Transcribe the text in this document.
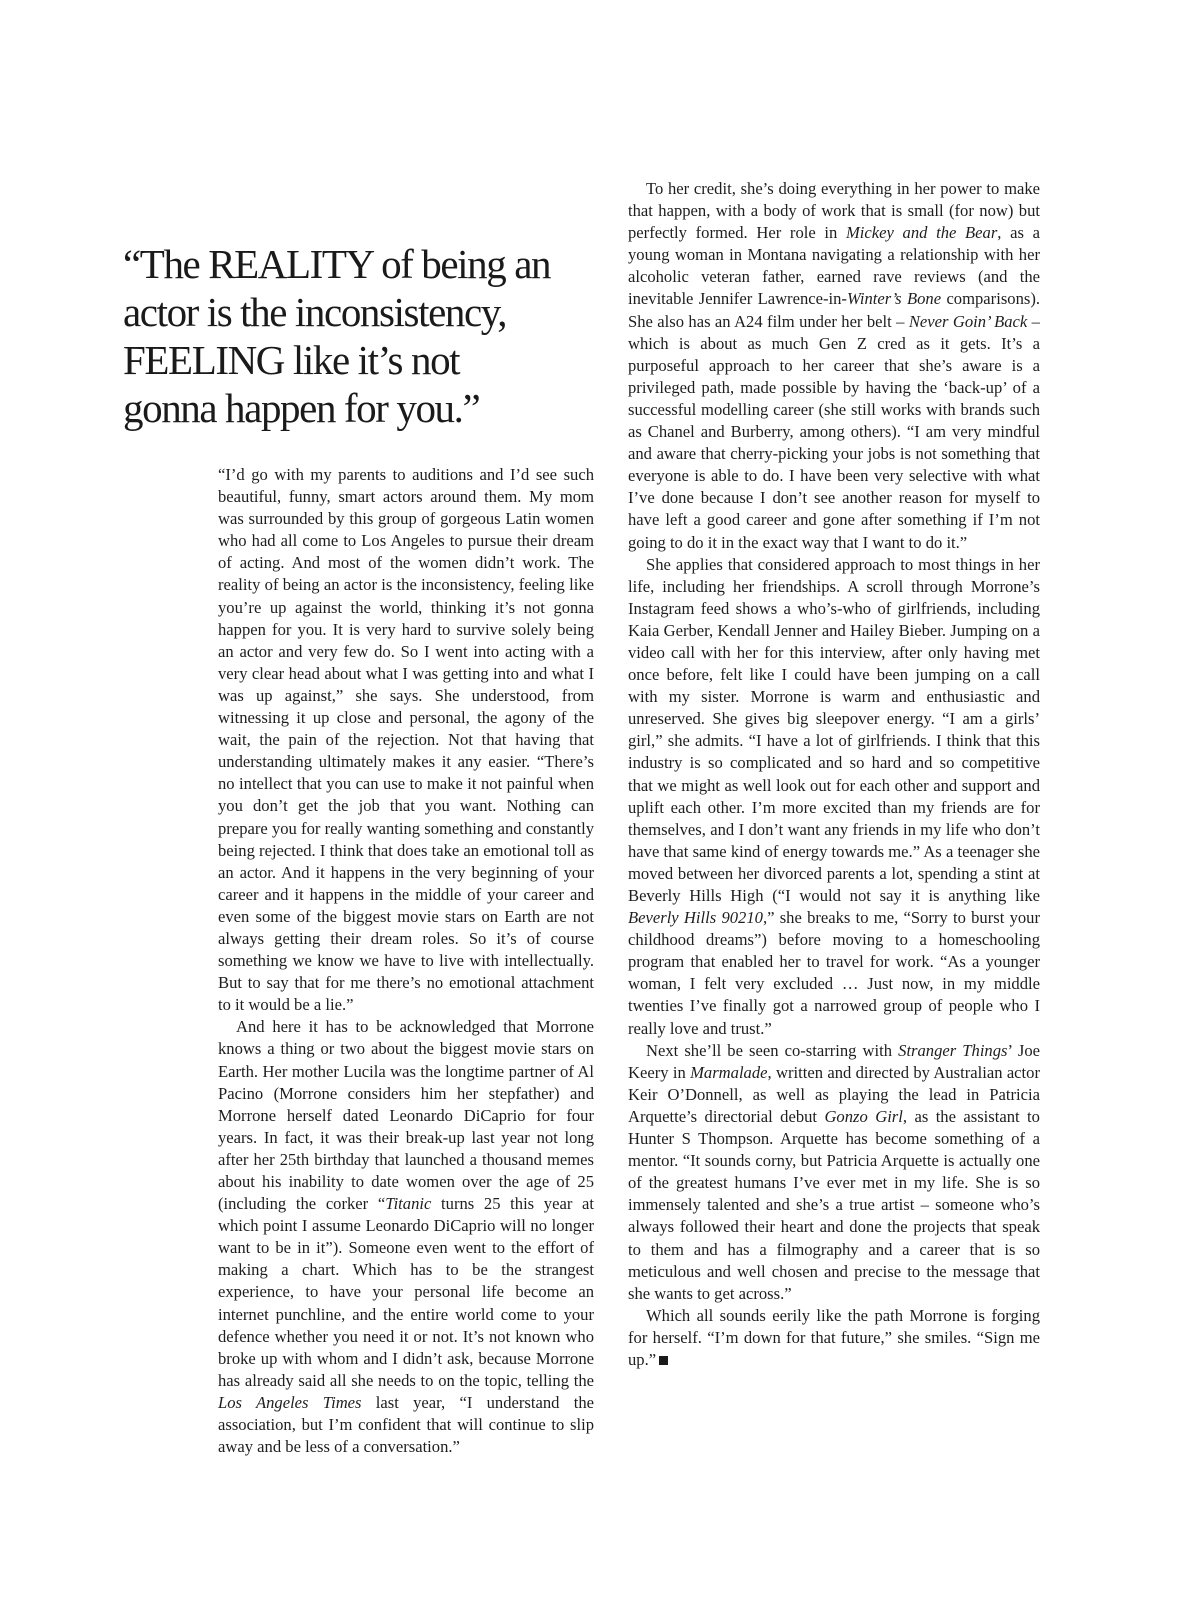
“The REALITY of being an actor is the inconsistency, FEELING like it’s not gonna happen for you.”

“I’d go with my parents to auditions and I’d see such beautiful, funny, smart actors around them. My mom was surrounded by this group of gorgeous Latin women who had all come to Los Angeles to pursue their dream of acting. And most of the women didn’t work. The reality of being an actor is the inconsistency, feeling like you’re up against the world, thinking it’s not gonna happen for you. It is very hard to survive solely being an actor and very few do. So I went into acting with a very clear head about what I was getting into and what I was up against,” she says. She understood, from witnessing it up close and personal, the agony of the wait, the pain of the rejection. Not that having that understanding ultimately makes it any easier. “There’s no intellect that you can use to make it not painful when you don’t get the job that you want. Nothing can prepare you for really wanting something and constantly being rejected. I think that does take an emotional toll as an actor. And it happens in the very beginning of your career and it happens in the middle of your career and even some of the biggest movie stars on Earth are not always getting their dream roles. So it’s of course something we know we have to live with intellectually. But to say that for me there’s no emotional attachment to it would be a lie.”

And here it has to be acknowledged that Morrone knows a thing or two about the biggest movie stars on Earth. Her mother Lucila was the longtime partner of Al Pacino (Morrone considers him her stepfather) and Morrone herself dated Leonardo DiCaprio for four years. In fact, it was their break-up last year not long after her 25th birthday that launched a thousand memes about his inability to date women over the age of 25 (including the corker “Titanic turns 25 this year at which point I assume Leonardo DiCaprio will no longer want to be in it”). Someone even went to the effort of making a chart. Which has to be the strangest experience, to have your personal life become an internet punchline, and the entire world come to your defence whether you need it or not. It’s not known who broke up with whom and I didn’t ask, because Morrone has already said all she needs to on the topic, telling the Los Angeles Times last year, “I understand the association, but I’m confident that will continue to slip away and be less of a conversation.”

To her credit, she’s doing everything in her power to make that happen, with a body of work that is small (for now) but perfectly formed. Her role in Mickey and the Bear, as a young woman in Montana navigating a relationship with her alcoholic veteran father, earned rave reviews (and the inevitable Jennifer Lawrence-in-Winter’s Bone comparisons). She also has an A24 film under her belt – Never Goin’ Back – which is about as much Gen Z cred as it gets. It’s a purposeful approach to her career that she’s aware is a privileged path, made possible by having the ‘back-up’ of a successful modelling career (she still works with brands such as Chanel and Burberry, among others). “I am very mindful and aware that cherry-picking your jobs is not something that everyone is able to do. I have been very selective with what I’ve done because I don’t see another reason for myself to have left a good career and gone after something if I’m not going to do it in the exact way that I want to do it.”

She applies that considered approach to most things in her life, including her friendships. A scroll through Morrone’s Instagram feed shows a who’s-who of girlfriends, including Kaia Gerber, Kendall Jenner and Hailey Bieber. Jumping on a video call with her for this interview, after only having met once before, felt like I could have been jumping on a call with my sister. Morrone is warm and enthusiastic and unreserved. She gives big sleepover energy. “I am a girls’ girl,” she admits. “I have a lot of girlfriends. I think that this industry is so complicated and so hard and so competitive that we might as well look out for each other and support and uplift each other. I’m more excited than my friends are for themselves, and I don’t want any friends in my life who don’t have that same kind of energy towards me.” As a teenager she moved between her divorced parents a lot, spending a stint at Beverly Hills High (“I would not say it is anything like Beverly Hills 90210,” she breaks to me, “Sorry to burst your childhood dreams”) before moving to a homeschooling program that enabled her to travel for work. “As a younger woman, I felt very excluded … Just now, in my middle twenties I’ve finally got a narrowed group of people who I really love and trust.”

Next she’ll be seen co-starring with Stranger Things’ Joe Keery in Marmalade, written and directed by Australian actor Keir O’Donnell, as well as playing the lead in Patricia Arquette’s directorial debut Gonzo Girl, as the assistant to Hunter S Thompson. Arquette has become something of a mentor. “It sounds corny, but Patricia Arquette is actually one of the greatest humans I’ve ever met in my life. She is so immensely talented and she’s a true artist – someone who’s always followed their heart and done the projects that speak to them and has a filmography and a career that is so meticulous and well chosen and precise to the message that she wants to get across.”

Which all sounds eerily like the path Morrone is forging for herself. “I’m down for that future,” she smiles. “Sign me up.”
